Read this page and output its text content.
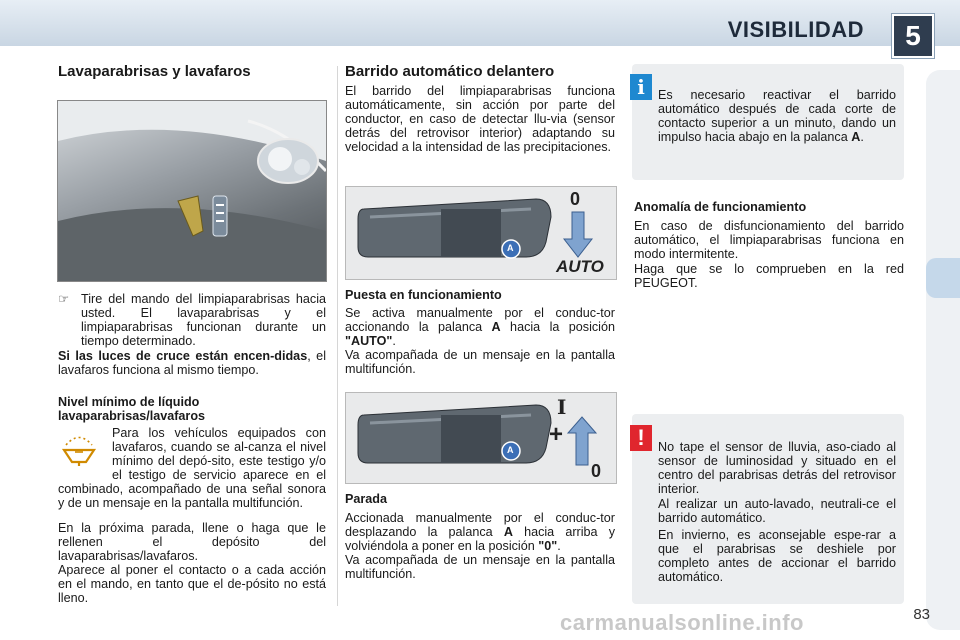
VISIBILIDAD	5
Lavaparabrisas y lavafaros
☞ Tire del mando del limpiaparabrisas hacia usted. El lavaparabrisas y el limpiaparabrisas funcionan durante un tiempo determinado.

Si las luces de cruce están encen-didas, el lavafaros funciona al mismo tiempo.

Nivel mínimo de líquido lavaparabrisas/lavafaros

Para los vehículos equipados con lavafaros, cuando se al-canza el nivel mínimo del depó-sito, este testigo y/o el testigo de servicio aparece en el combinado, acompañado de una señal sonora y de un mensaje en la pantalla multifunción.

En la próxima parada, llene o haga que le rellenen el depósito del lavaparabrisas/lavafaros.

Aparece al poner el contacto o a cada acción en el mando, en tanto que el de-pósito no está lleno.

Barrido automático delantero

El barrido del limpiaparabrisas funciona automáticamente, sin acción por parte del conductor, en caso de detectar llu-via (sensor detrás del retrovisor interior) adaptando su velocidad a la intensidad de las precipitaciones.

A
0
AUTO

Puesta en funcionamiento

Se activa manualmente por el conduc-tor accionando la palanca A hacia la posición "AUTO".

Va acompañada de un mensaje en la pantalla multifunción.

A
I
+
0

Parada

Accionada manualmente por el conduc-tor desplazando la palanca A hacia arriba y volviéndola a poner en la posición "0".

Va acompañada de un mensaje en la pantalla multifunción.

i	Es necesario reactivar el barrido automático después de cada corte de contacto superior a un minuto, dando un impulso hacia abajo en la palanca A.

Anomalía de funcionamiento

En caso de disfuncionamiento del barrido automático, el limpiaparabrisas funciona en modo intermitente.

Haga que se lo comprueben en la red PEUGEOT.

!	No tape el sensor de lluvia, aso-ciado al sensor de luminosidad y situado en el centro del parabrisas detrás del retrovisor interior.

Al realizar un auto-lavado, neutrali-ce el barrido automático.

En invierno, es aconsejable espe-rar a que el parabrisas se deshiele por completo antes de accionar el barrido automático.

carmanualsonline.info	83
